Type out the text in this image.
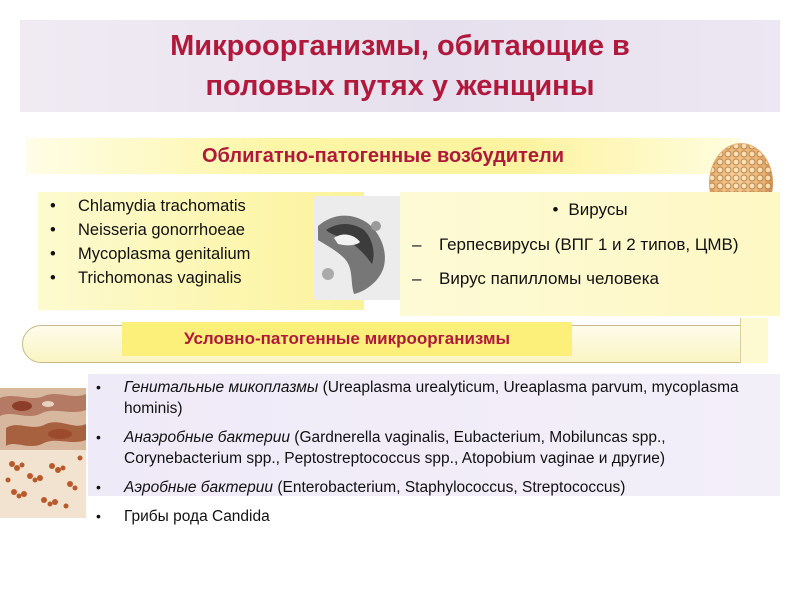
Микроорганизмы, обитающие в
половых путях у женщины
Облигатно-патогенные возбудители
• Chlamydia trachomatis
• Neisseria gonorrhoeae
• Mycoplasma genitalium
• Trichomonas vaginalis
• Вирусы
– Герпесвирусы (ВПГ 1 и 2 типов, ЦМВ)
– Вирус папилломы человека
Условно-патогенные микроорганизмы
• Генитальные микоплазмы (Ureaplasma urealyticum, Ureaplasma parvum, mycoplasma hominis)
• Анаэробные бактерии (Gardnerella vaginalis, Eubacterium, Mobiluncas spp., Corynebacterium spp., Peptostreptococcus spp., Atopobium vaginae и другие)
• Аэробные бактерии (Enterobacterium, Staphylococcus, Streptococcus)
• Грибы рода Candida
